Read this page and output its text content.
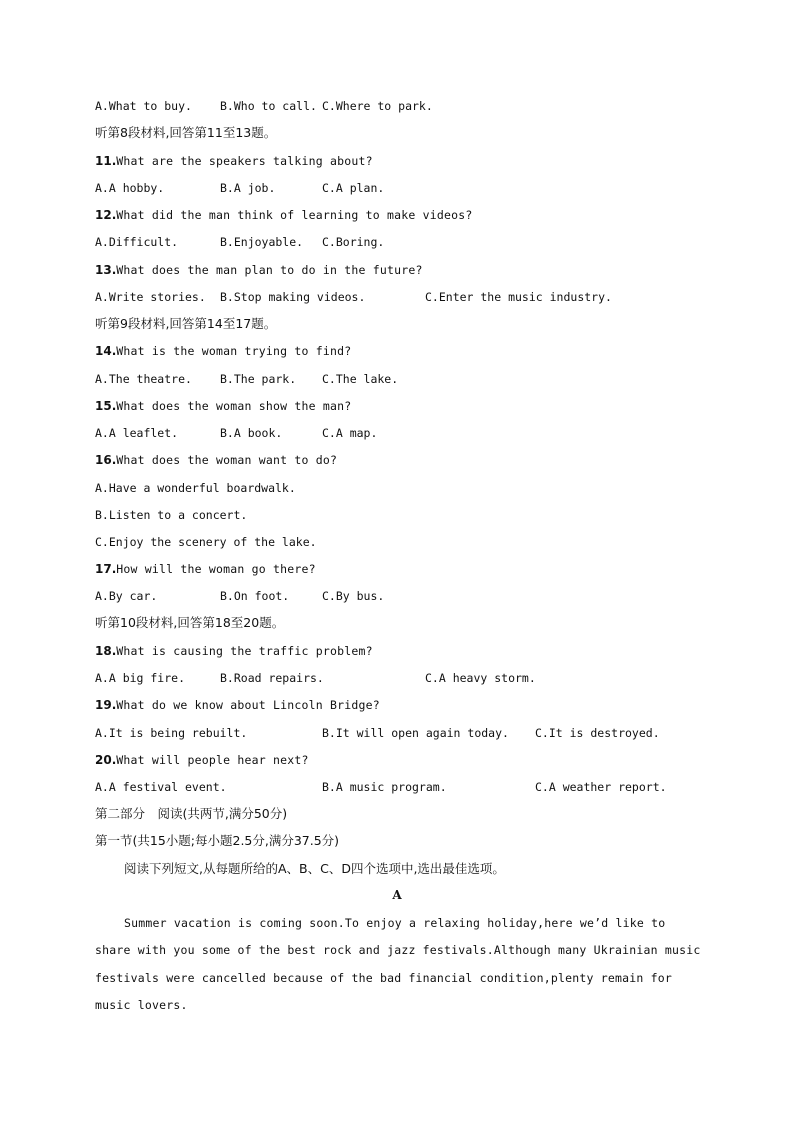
A.What to buy. B.Who to call. C.Where to park.
听第8段材料,回答第11至13题。
11.What are the speakers talking about?
A.A hobby.	B.A job.	C.A plan.
12.What did the man think of learning to make videos?
A.Difficult.	B.Enjoyable. C.Boring.
13.What does the man plan to do in the future?
A.Write stories. B.Stop making videos.	C.Enter the music industry.
听第9段材料,回答第14至17题。
14.What is the woman trying to find?
A.The theatre. B.The park. C.The lake.
15.What does the woman show the man?
A.A leaflet.	B.A book.	C.A map.
16.What does the woman want to do?
A.Have a wonderful boardwalk.
B.Listen to a concert.
C.Enjoy the scenery of the lake.
17.How will the woman go there?
A.By car.	B.On foot.	C.By bus.
听第10段材料,回答第18至20题。
18.What is causing the traffic problem?
A.A big fire.	B.Road repairs.	C.A heavy storm.
19.What do we know about Lincoln Bridge?
A.It is being rebuilt.	B.It will open again today. C.It is destroyed.
20.What will people hear next?
A.A festival event.	B.A music program.	C.A weather report.
第二部分　阅读(共两节,满分50分)
第一节(共15小题;每小题2.5分,满分37.5分)
阅读下列短文,从每题所给的A、B、C、D四个选项中,选出最佳选项。
A
Summer vacation is coming soon.To enjoy a relaxing holiday,here we’d like to
share with you some of the best rock and jazz festivals.Although many Ukrainian music
festivals were cancelled because of the bad financial condition,plenty remain for
music lovers.
